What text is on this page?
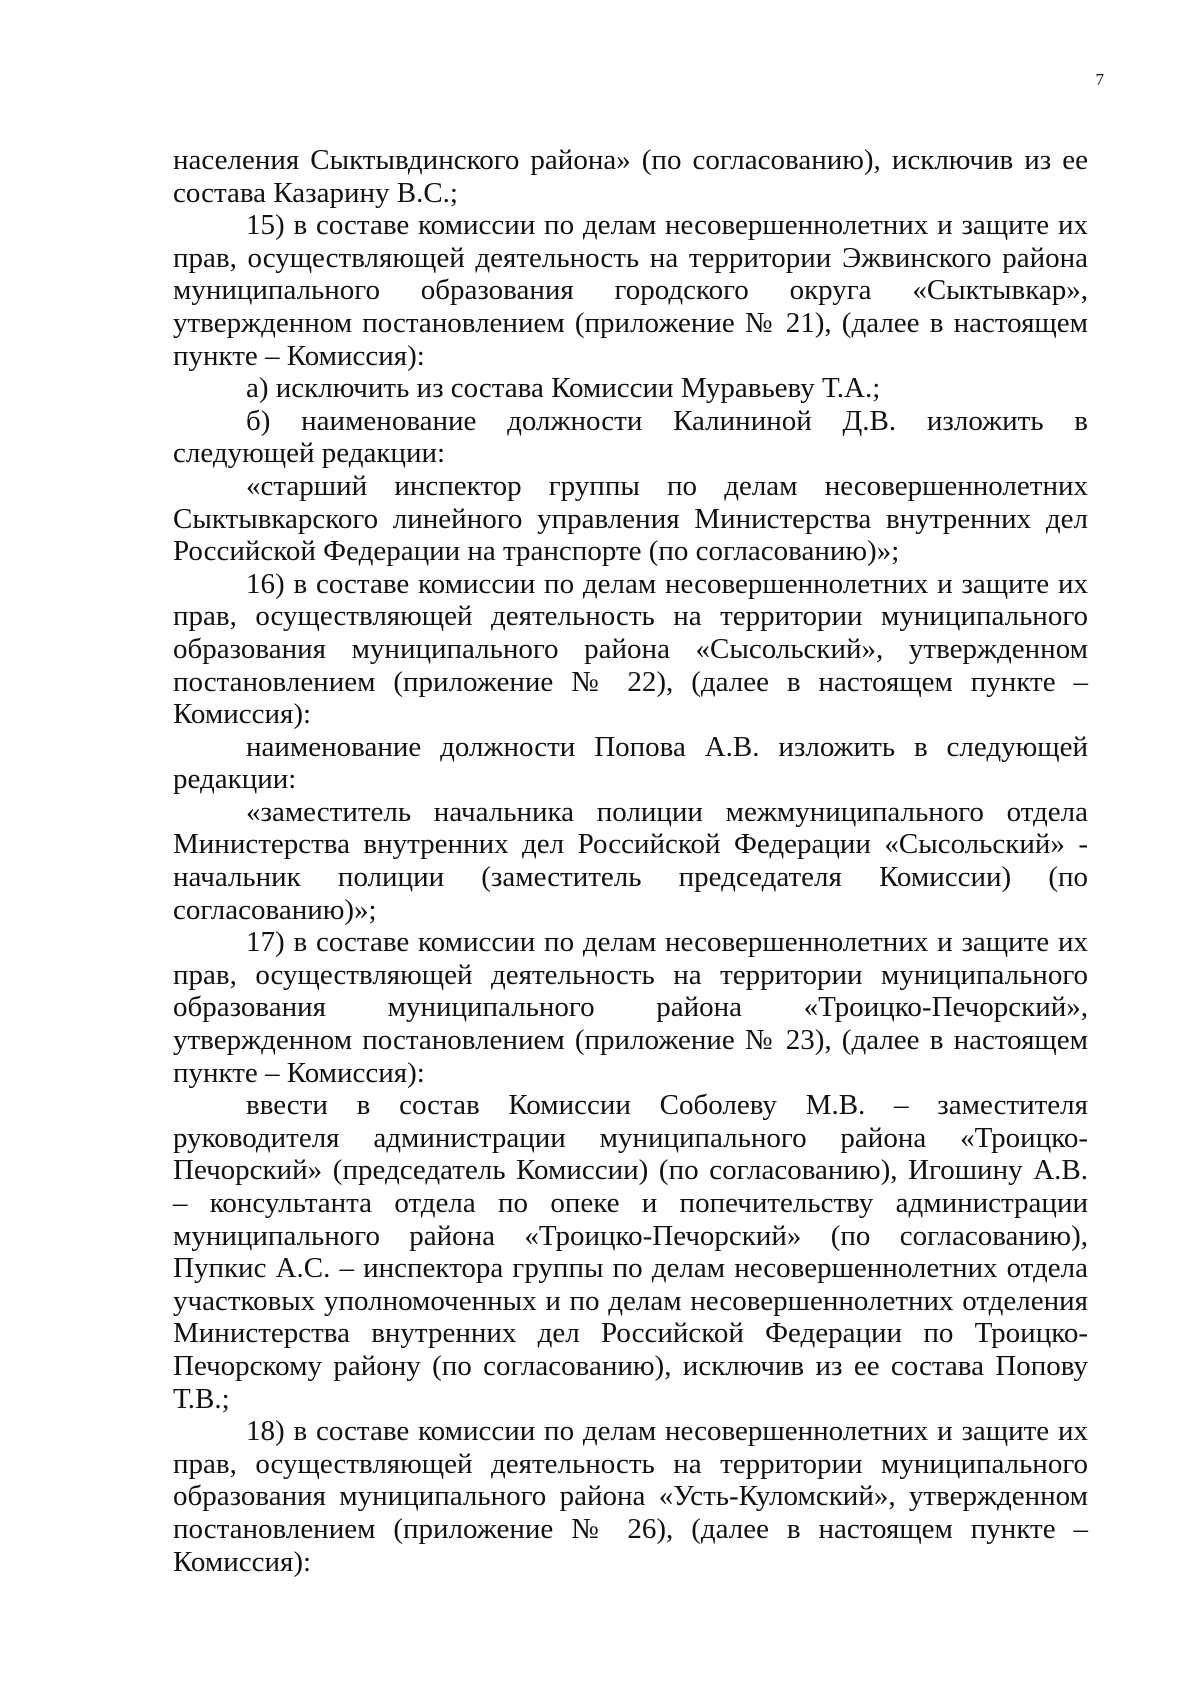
7

населения Сыктывдинского района» (по согласованию), исключив из ее состава Казарину В.С.;

15) в составе комиссии по делам несовершеннолетних и защите их прав, осуществляющей деятельность на территории Эжвинского района муниципального образования городского округа «Сыктывкар», утвержденном постановлением (приложение № 21), (далее в настоящем пункте – Комиссия):

а) исключить из состава Комиссии Муравьеву Т.А.;

б) наименование должности Калининой Д.В. изложить в следующей редакции:

«старший инспектор группы по делам несовершеннолетних Сыктывкарского линейного управления Министерства внутренних дел Российской Федерации на транспорте (по согласованию)»;

16) в составе комиссии по делам несовершеннолетних и защите их прав, осуществляющей деятельность на территории муниципального образования муниципального района «Сысольский», утвержденном постановлением (приложение № 22), (далее в настоящем пункте – Комиссия):

наименование должности Попова А.В. изложить в следующей редакции:

«заместитель начальника полиции межмуниципального отдела Министерства внутренних дел Российской Федерации «Сысольский» - начальник полиции (заместитель председателя Комиссии) (по согласованию)»;

17) в составе комиссии по делам несовершеннолетних и защите их прав, осуществляющей деятельность на территории муниципального образования муниципального района «Троицко-Печорский», утвержденном постановлением (приложение № 23), (далее в настоящем пункте – Комиссия):

ввести в состав Комиссии Соболеву М.В. – заместителя руководителя администрации муниципального района «Троицко-Печорский» (председатель Комиссии) (по согласованию), Игошину А.В. – консультанта отдела по опеке и попечительству администрации муниципального района «Троицко-Печорский» (по согласованию), Пупкис А.С. – инспектора группы по делам несовершеннолетних отдела участковых уполномоченных и по делам несовершеннолетних отделения Министерства внутренних дел Российской Федерации по Троицко-Печорскому району (по согласованию), исключив из ее состава Попову Т.В.;

18) в составе комиссии по делам несовершеннолетних и защите их прав, осуществляющей деятельность на территории муниципального образования муниципального района «Усть-Куломский», утвержденном постановлением (приложение № 26), (далее в настоящем пункте – Комиссия):
